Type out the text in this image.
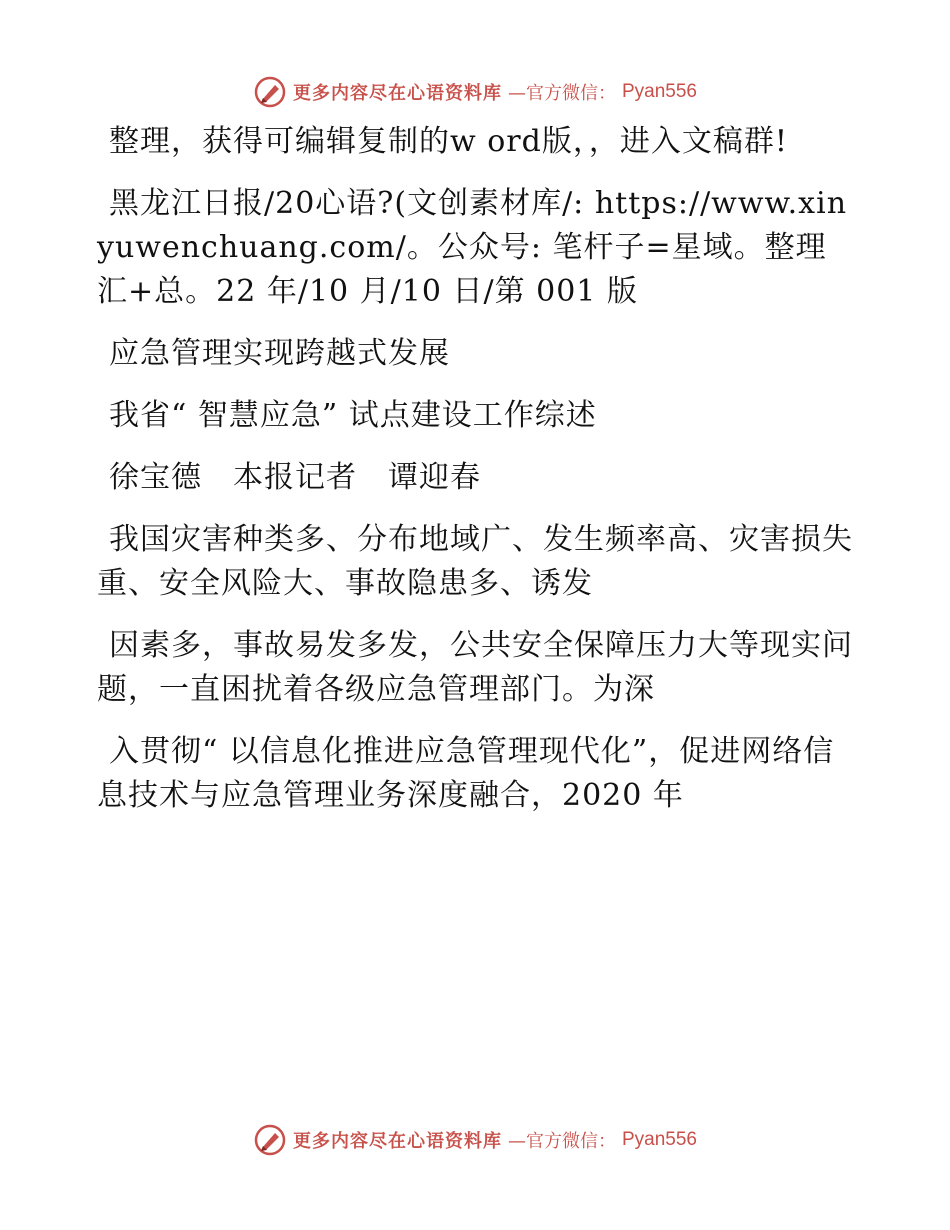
更多内容尽在心语资料库 —官方微信： Pyan556

整理，获得可编辑复制的w ord版，，进入文稿群!

黑龙江日报/20心语?(文创素材库/: https://www.xinyuwenchuang.com/。公众号: 笔杆子=星域。整理汇+总。22 年/10 月/10 日/第 001 版

应急管理实现跨越式发展

我省“ 智慧应急” 试点建设工作综述

徐宝德　本报记者　谭迎春

我国灾害种类多、分布地域广、发生频率高、灾害损失重、安全风险大、事故隐患多、诱发

因素多，事故易发多发，公共安全保障压力大等现实问题，一直困扰着各级应急管理部门。为深

入贯彻“ 以信息化推进应急管理现代化”，促进网络信息技术与应急管理业务深度融合，2020 年

更多内容尽在心语资料库 —官方微信： Pyan556
